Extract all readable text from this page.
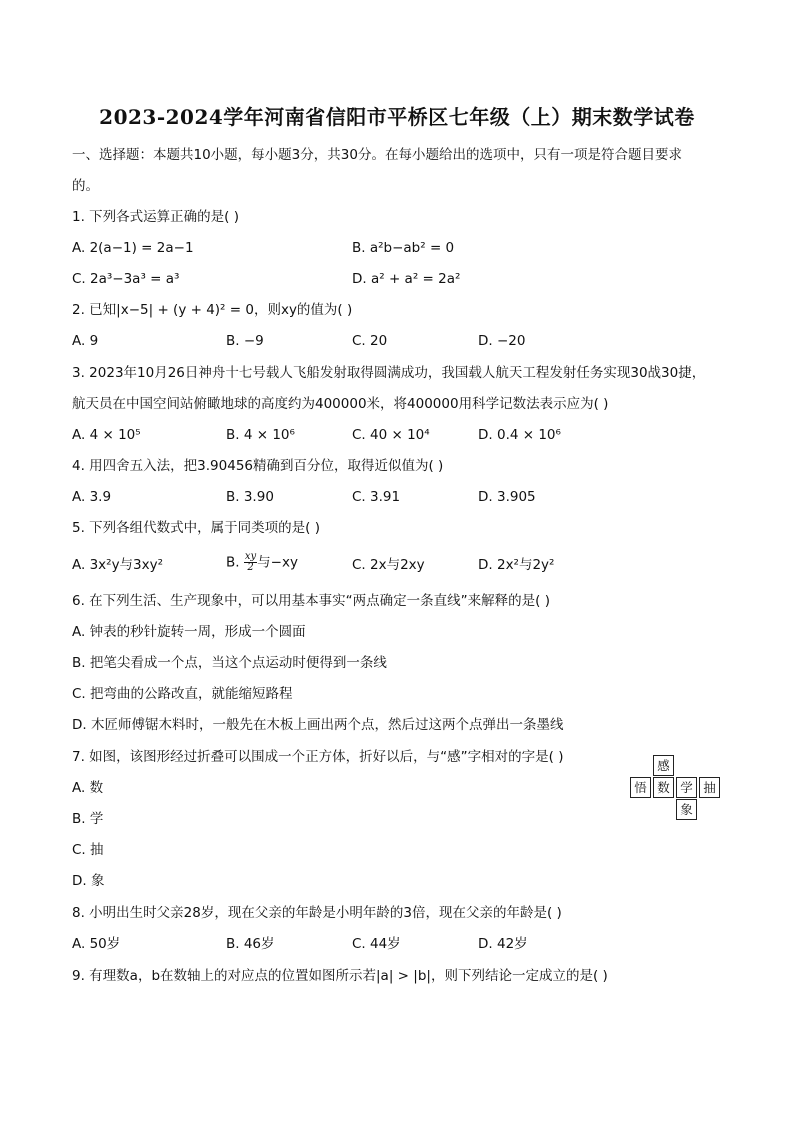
2023-2024学年河南省信阳市平桥区七年级（上）期末数学试卷
一、选择题：本题共10小题，每小题3分，共30分。在每小题给出的选项中，只有一项是符合题目要求
的。
1. 下列各式运算正确的是( )
A. 2(a−1) = 2a−1	B. a²b−ab² = 0
C. 2a³−3a³ = a³	D. a² + a² = 2a²
2. 已知|x−5| + (y + 4)² = 0，则xy的值为( )
A. 9	B. −9	C. 20	D. −20
3. 2023年10月26日神舟十七号载人飞船发射取得圆满成功，我国载人航天工程发射任务实现30战30捷，
航天员在中国空间站俯瞰地球的高度约为400000米，将400000用科学记数法表示应为( )
A. 4 × 10⁵	B. 4 × 10⁶	C. 40 × 10⁴	D. 0.4 × 10⁶
4. 用四舍五入法，把3.90456精确到百分位，取得近似值为( )
A. 3.9	B. 3.90	C. 3.91	D. 3.905
5. 下列各组代数式中，属于同类项的是( )
A. 3x²y与3xy²	B. $\frac{xy}{2}$ 与−xy	C. 2x与2xy	D. 2x²与2y²
6. 在下列生活、生产现象中，可以用基本事实“两点确定一条直线”来解释的是( )
A. 钟表的秒针旋转一周，形成一个圆面
B. 把笔尖看成一个点，当这个点运动时便得到一条线
C. 把弯曲的公路改直，就能缩短路程
D. 木匠师傅锯木料时，一般先在木板上画出两个点，然后过这两个点弹出一条墨线
7. 如图，该图形经过折叠可以围成一个正方体，折好以后，与“感”字相对的字是( )
A. 数
B. 学
C. 抽
D. 象
感
悟 数 学 抽
象
8. 小明出生时父亲28岁，现在父亲的年龄是小明年龄的3倍，现在父亲的年龄是( )
A. 50岁	B. 46岁	C. 44岁	D. 42岁
9. 有理数a，b在数轴上的对应点的位置如图所示若|a| > |b|，则下列结论一定成立的是( )
